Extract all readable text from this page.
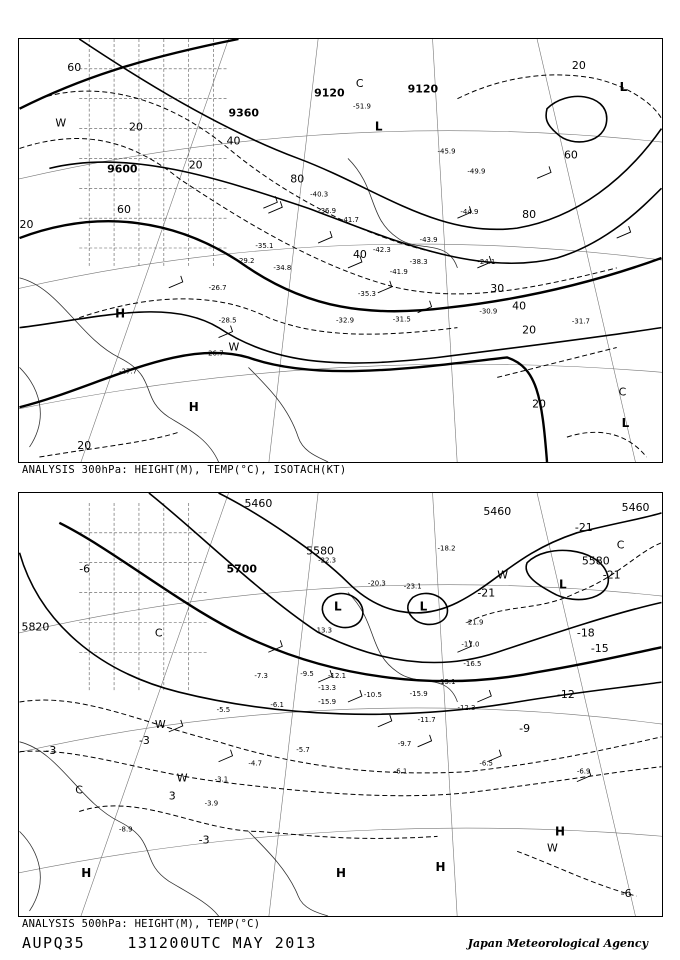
9120	9120
9360
9600
20
40
60
60
80
80
20
40
30
20
40
20
20
60
20
20
-51.9
-45.9
-49.9
-44.9
-41.7
-40.3
-36.9
-35.1
-34.8
-29.2
-26.7
-28.5
-26.7
-32.9	-31.5
-35.3
-38.3
-42.3
-31.7
-30.9
-27.7
-24.1
-43.9
-41.9
H
H
L
L
L
C
C
W
W
ANALYSIS 300hPa: HEIGHT(M), TEMP(°C), ISOTACH(KT)
5460
5460	5460
5580
5700
5820
5580
-21
-21
-21
-18
-15
-12
-9
-6
-3
-3
-3
-6
3
-22.3
-23.1
-20.3
-18.2
-21.9
-17.0
-15.1
-16.5
-13.3
-12.1
-15.9
-11.7
-12.3
-9.5
-10.5
-7.3
-6.1
-5.7
-4.7
-5.5
-6.5
-6.9
-9.7
-8.9
-3.9
-3.1
-6.1
-15.9
-13.3
H	H	H
H
L	L
L
C
C
C
W
W
W
W
ANALYSIS 500hPa: HEIGHT(M), TEMP(°C)
AUPQ35	131200UTC MAY 2013	Japan Meteorological Agency
